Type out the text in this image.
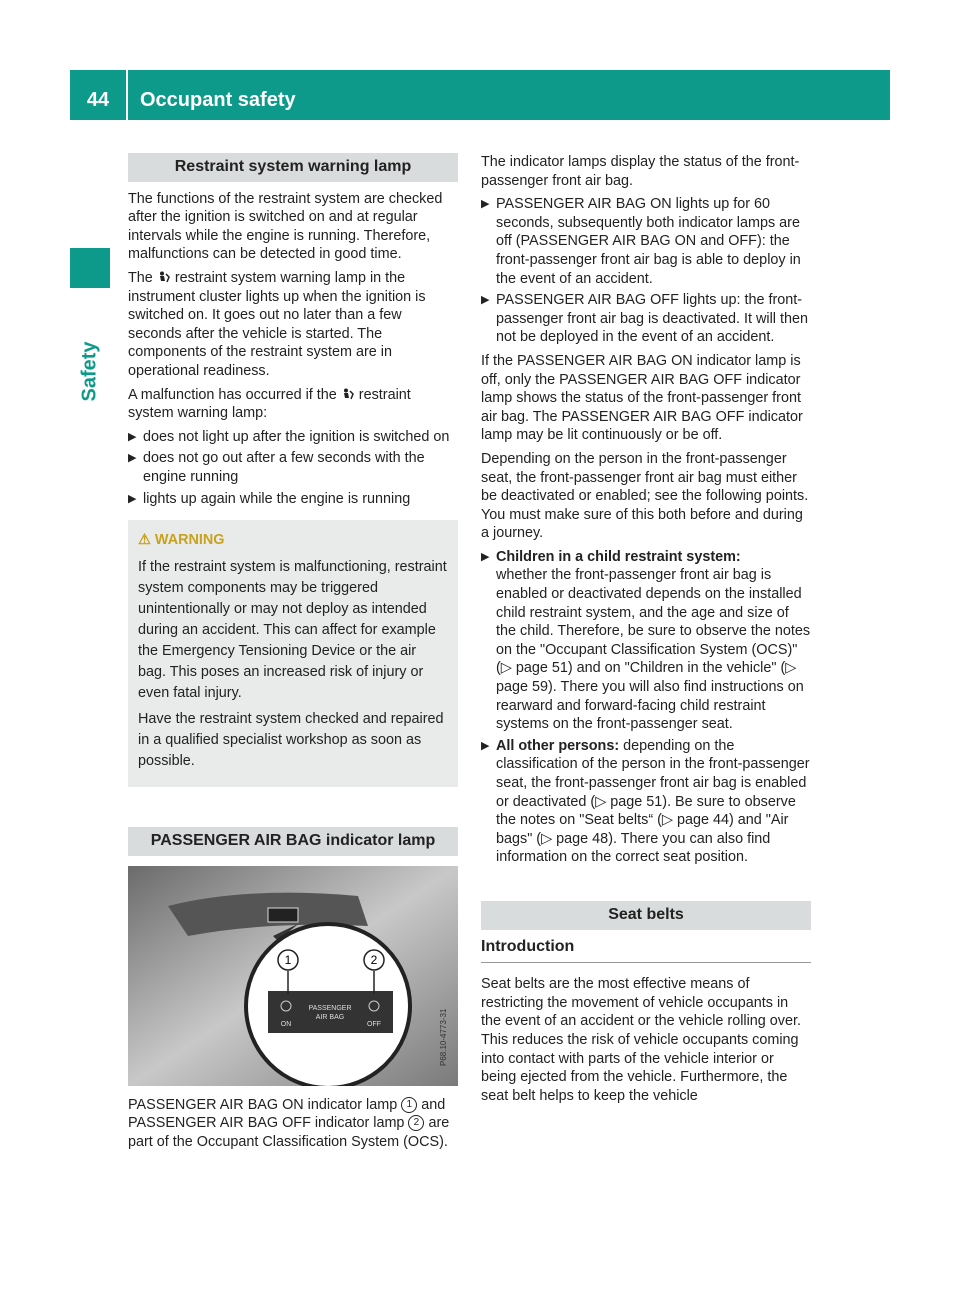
44	Occupant safety
Safety
Restraint system warning lamp

The functions of the restraint system are checked after the ignition is switched on and at regular intervals while the engine is running. Therefore, malfunctions can be detected in good time.

The restraint system warning lamp in the instrument cluster lights up when the ignition is switched on. It goes out no later than a few seconds after the vehicle is started. The components of the restraint system are in operational readiness.

A malfunction has occurred if the restraint system warning lamp:

▶ does not light up after the ignition is switched on
▶ does not go out after a few seconds with the engine running
▶ lights up again while the engine is running
⚠ WARNING

If the restraint system is malfunctioning, restraint system components may be triggered unintentionally or may not deploy as intended during an accident. This can affect for example the Emergency Tensioning Device or the air bag. This poses an increased risk of injury or even fatal injury.

Have the restraint system checked and repaired in a qualified specialist workshop as soon as possible.

PASSENGER AIR BAG indicator lamp
1	2
PASSENGER
AIR BAG
ON	OFF	P68.10-4773-31

PASSENGER AIR BAG ON indicator lamp 1 and PASSENGER AIR BAG OFF indicator lamp 2 are part of the Occupant Classification System (OCS).

The indicator lamps display the status of the front-passenger front air bag.

▶ PASSENGER AIR BAG ON lights up for 60 seconds, subsequently both indicator lamps are off (PASSENGER AIR BAG ON and OFF): the front-passenger front air bag is able to deploy in the event of an accident.
▶ PASSENGER AIR BAG OFF lights up: the front-passenger front air bag is deactivated. It will then not be deployed in the event of an accident.

If the PASSENGER AIR BAG ON indicator lamp is off, only the PASSENGER AIR BAG OFF indicator lamp shows the status of the front-passenger front air bag. The PASSENGER AIR BAG OFF indicator lamp may be lit continuously or be off.

Depending on the person in the front-passenger seat, the front-passenger front air bag must either be deactivated or enabled; see the following points. You must make sure of this both before and during a journey.

▶ Children in a child restraint system:
whether the front-passenger front air bag is enabled or deactivated depends on the installed child restraint system, and the age and size of the child. Therefore, be sure to observe the notes on the "Occupant Classification System (OCS)" (▷ page 51) and on "Children in the vehicle" (▷ page 59). There you will also find instructions on rearward and forward-facing child restraint systems on the front-passenger seat.
▶ All other persons: depending on the classification of the person in the front-passenger seat, the front-passenger front air bag is enabled or deactivated (▷ page 51). Be sure to observe the notes on "Seat belts“ (▷ page 44) and "Air bags" (▷ page 48). There you can also find information on the correct seat position.
Seat belts
Introduction

Seat belts are the most effective means of restricting the movement of vehicle occupants in the event of an accident or the vehicle rolling over. This reduces the risk of vehicle occupants coming into contact with parts of the vehicle interior or being ejected from the vehicle. Furthermore, the seat belt helps to keep the vehicle
